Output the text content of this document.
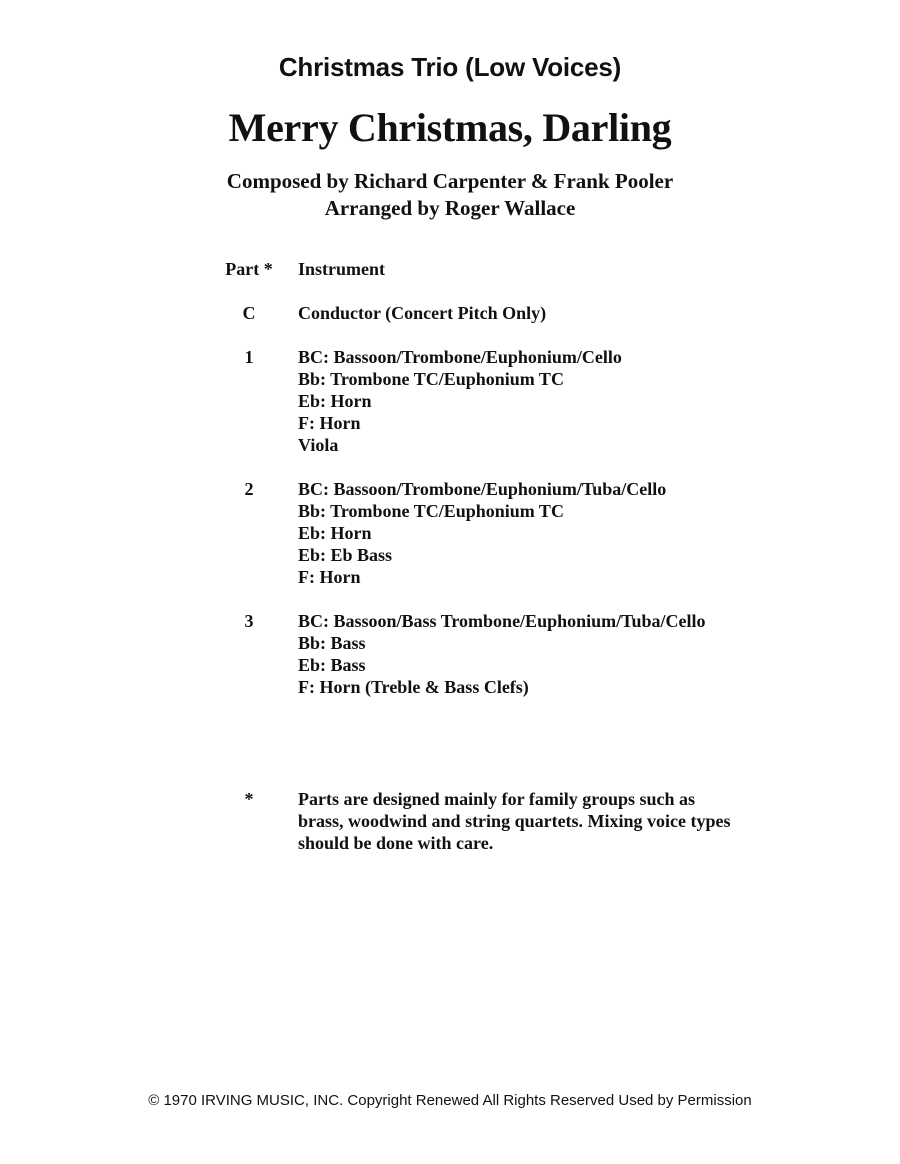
Christmas Trio (Low Voices)
Merry Christmas, Darling
Composed by Richard Carpenter & Frank Pooler
Arranged by Roger Wallace
Part * Instrument
C	Conductor (Concert Pitch Only)
1	BC: Bassoon/Trombone/Euphonium/Cello
Bb: Trombone TC/Euphonium TC
Eb: Horn
F: Horn
Viola
2	BC: Bassoon/Trombone/Euphonium/Tuba/Cello
Bb: Trombone TC/Euphonium TC
Eb: Horn
Eb: Eb Bass
F: Horn
3	BC: Bassoon/Bass Trombone/Euphonium/Tuba/Cello
Bb: Bass
Eb: Bass
F: Horn (Treble & Bass Clefs)
*	Parts are designed mainly for family groups such as brass, woodwind and string quartets. Mixing voice types should be done with care.
© 1970 IRVING MUSIC, INC. Copyright Renewed All Rights Reserved Used by Permission
